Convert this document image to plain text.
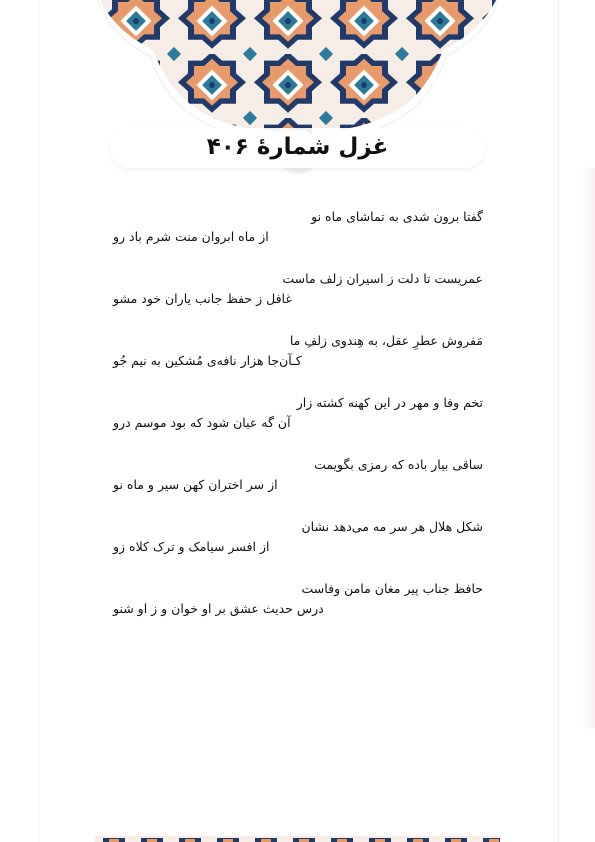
غزل شمارهٔ ۴۰۶
گفتا برون شدی به تماشای ماه نو
از ماه ابروان منت شرم باد رو
عمریست تا دلت ز اسیران زلف ماست
غافل ز حفظ جانب یاران خود مشو
مَفروش عطرِ عقل، به هِندوی زلفِ ما
کـآن‌جا هزار نافه‌ی مُشکین به نیم جُو
تخم وفا و مهر در این کهنه کشته زار
آن گه عیان شود که بود موسم درو
ساقی بیار باده که رمزی بگویمت
از سر اختران کهن سیر و ماه نو
شکل هلال هر سر مه می‌دهد نشان
از افسر سیامک و ترک کلاه زو
حافظ جناب پیر مغان مامن وفاست
درس حدیث عشق بر او خوان و ز او شنو
